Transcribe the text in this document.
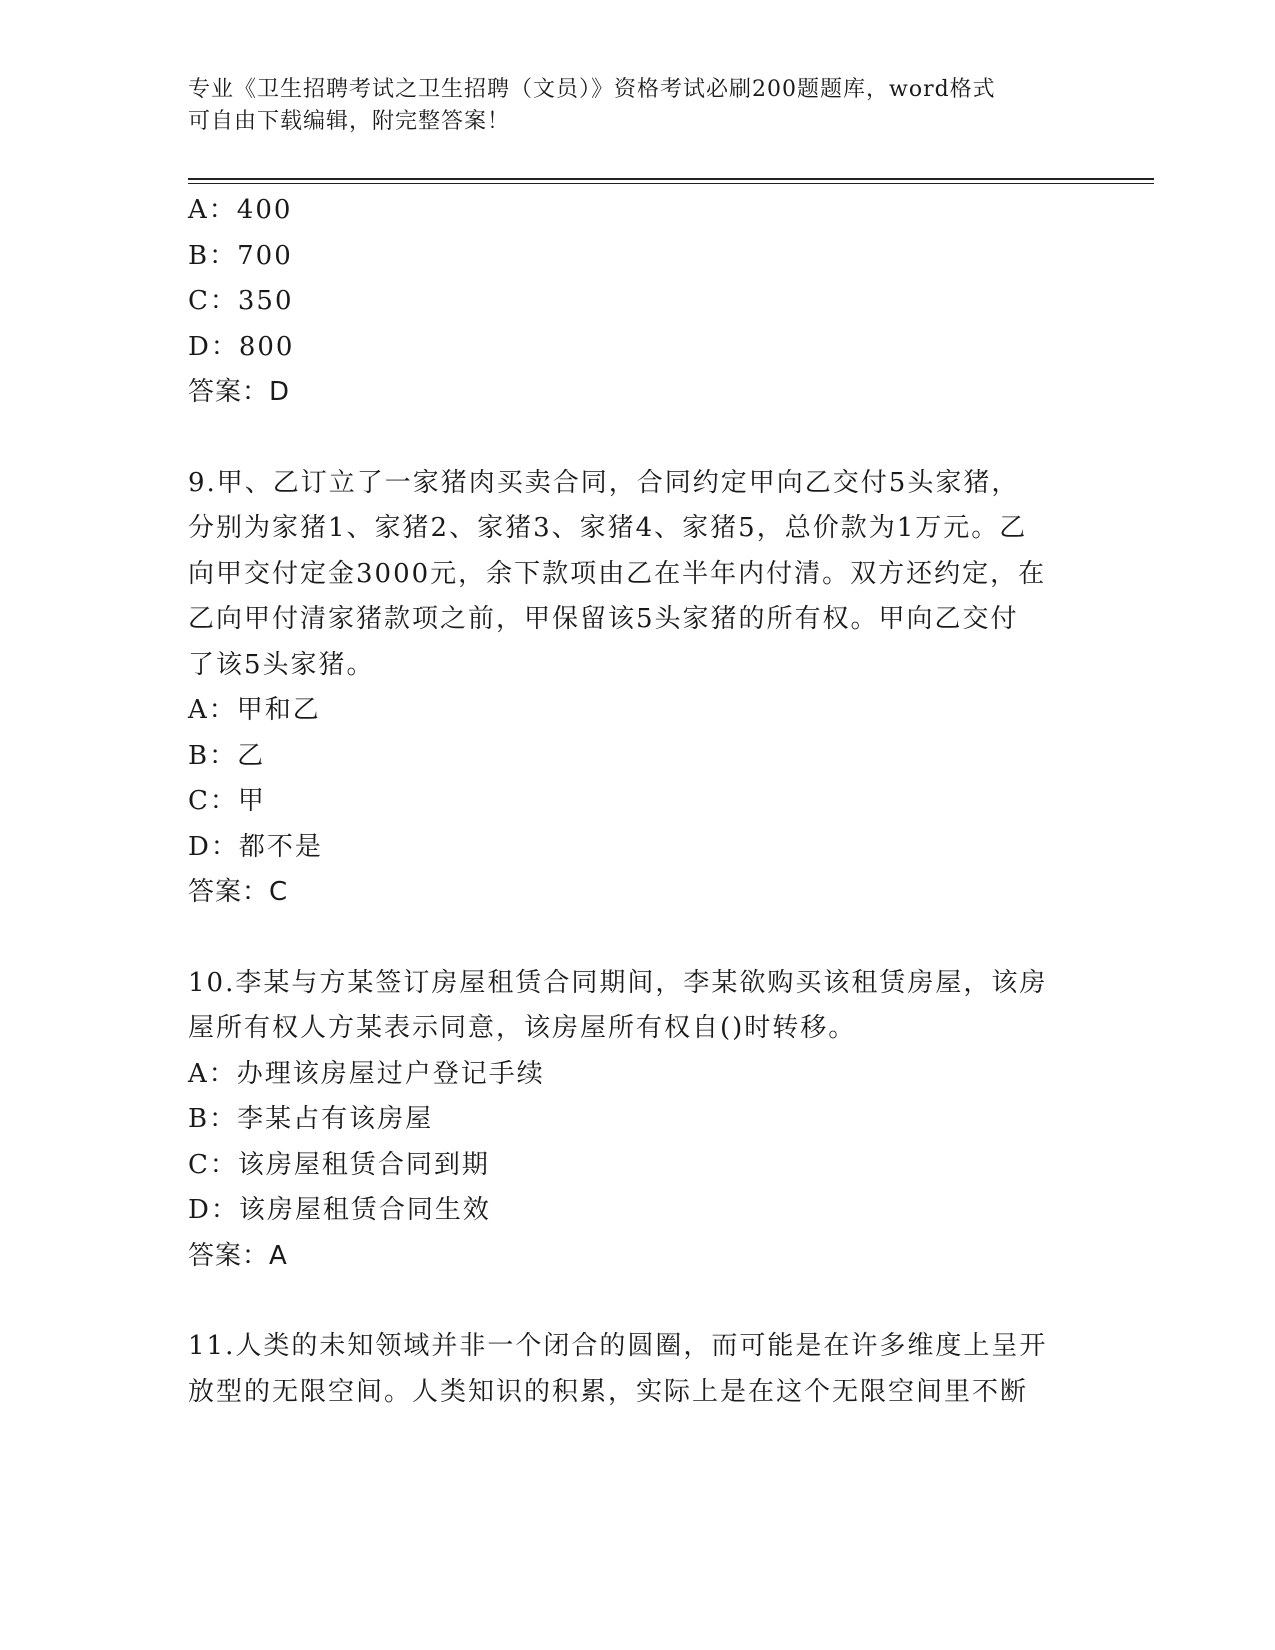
专业《卫生招聘考试之卫生招聘（文员）》资格考试必刷200题题库，word格式
可自由下载编辑，附完整答案！
A：400
B：700
C：350
D：800
答案：D
9.甲、乙订立了一家猪肉买卖合同，合同约定甲向乙交付5头家猪，
分别为家猪1、家猪2、家猪3、家猪4、家猪5，总价款为1万元。乙
向甲交付定金3000元，余下款项由乙在半年内付清。双方还约定，在
乙向甲付清家猪款项之前，甲保留该5头家猪的所有权。甲向乙交付
了该5头家猪。
A：甲和乙
B：乙
C：甲
D：都不是
答案：C
10.李某与方某签订房屋租赁合同期间，李某欲购买该租赁房屋，该房
屋所有权人方某表示同意，该房屋所有权自()时转移。
A：办理该房屋过户登记手续
B：李某占有该房屋
C：该房屋租赁合同到期
D：该房屋租赁合同生效
答案：A
11.人类的未知领域并非一个闭合的圆圈，而可能是在许多维度上呈开
放型的无限空间。人类知识的积累，实际上是在这个无限空间里不断
